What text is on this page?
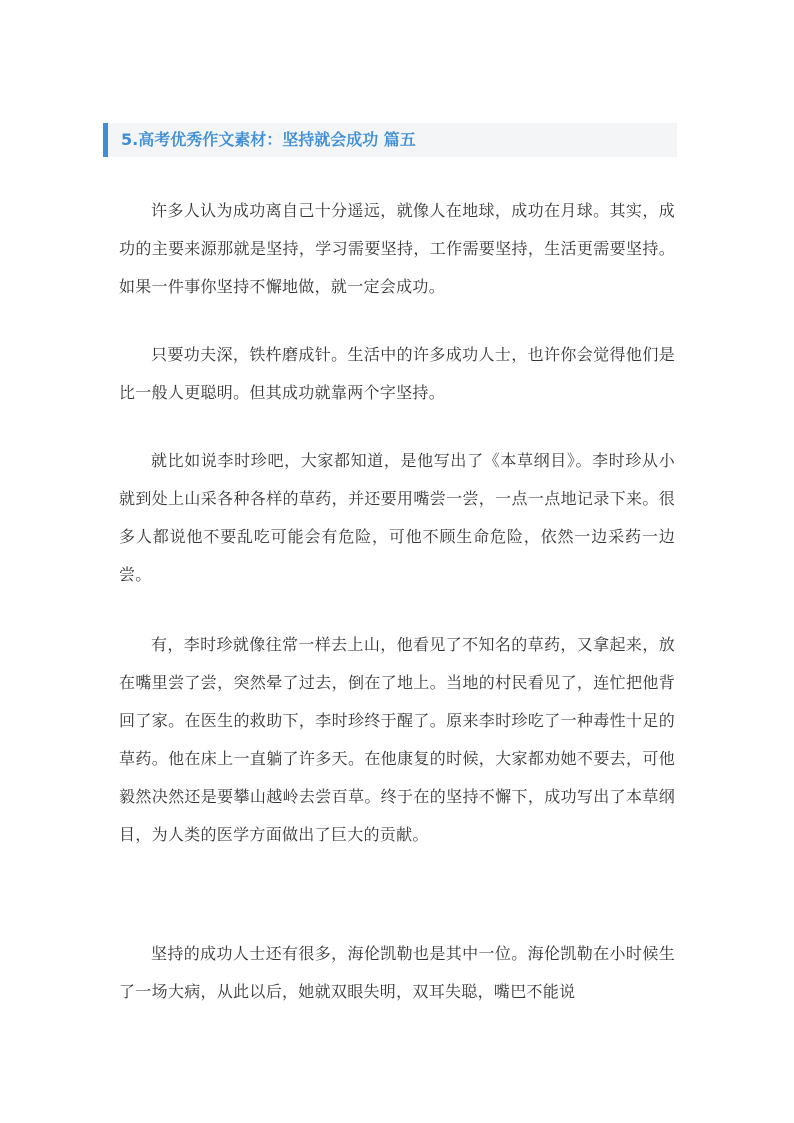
5.高考优秀作文素材：坚持就会成功 篇五

许多人认为成功离自己十分遥远，就像人在地球，成功在月球。其实，成功的主要来源那就是坚持，学习需要坚持，工作需要坚持，生活更需要坚持。如果一件事你坚持不懈地做，就一定会成功。

只要功夫深，铁杵磨成针。生活中的许多成功人士，也许你会觉得他们是比一般人更聪明。但其成功就靠两个字坚持。

就比如说李时珍吧，大家都知道，是他写出了《本草纲目》。李时珍从小就到处上山采各种各样的草药，并还要用嘴尝一尝，一点一点地记录下来。很多人都说他不要乱吃可能会有危险，可他不顾生命危险，依然一边采药一边尝。

有，李时珍就像往常一样去上山，他看见了不知名的草药，又拿起来，放在嘴里尝了尝，突然晕了过去，倒在了地上。当地的村民看见了，连忙把他背回了家。在医生的救助下，李时珍终于醒了。原来李时珍吃了一种毒性十足的草药。他在床上一直躺了许多天。在他康复的时候，大家都劝她不要去，可他毅然决然还是要攀山越岭去尝百草。终于在的坚持不懈下，成功写出了本草纲目，为人类的医学方面做出了巨大的贡献。

坚持的成功人士还有很多，海伦凯勒也是其中一位。海伦凯勒在小时候生了一场大病，从此以后，她就双眼失明，双耳失聪，嘴巴不能说
